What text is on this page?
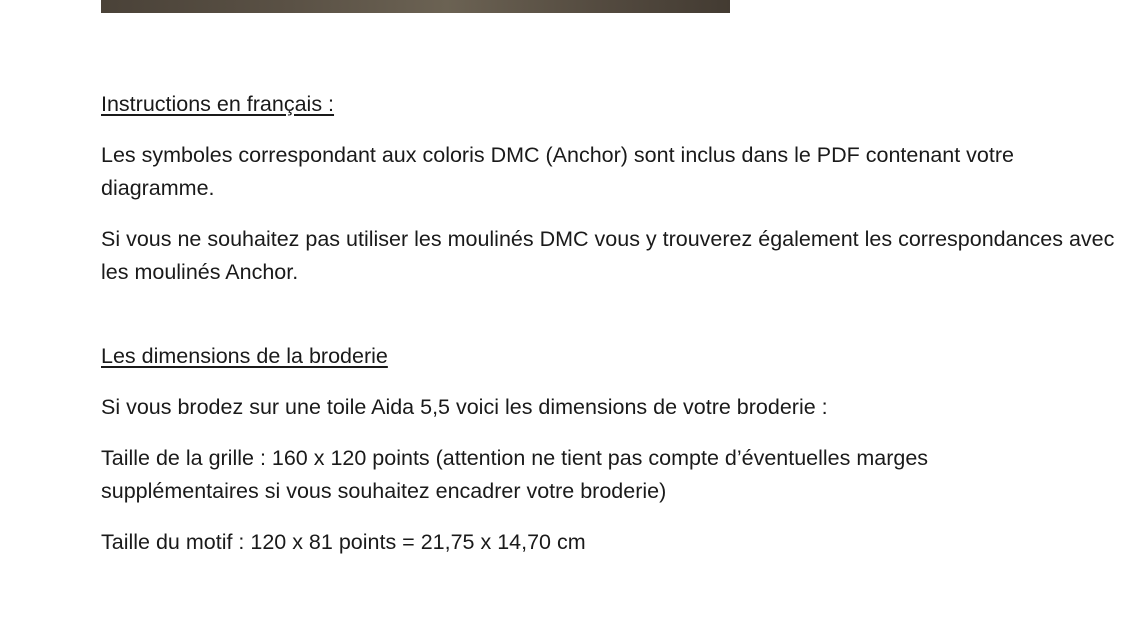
Instructions en français :

Les symboles correspondant aux coloris DMC (Anchor) sont inclus dans le PDF contenant votre diagramme.

Si vous ne souhaitez pas utiliser les moulinés DMC vous y trouverez également les correspondances avec les moulinés Anchor.

Les dimensions de la broderie

Si vous brodez sur une toile Aida 5,5 voici les dimensions de votre broderie :

Taille de la grille : 160 x 120 points (attention ne tient pas compte d’éventuelles marges supplémentaires si vous souhaitez encadrer votre broderie)

Taille du motif : 120 x 81 points = 21,75 x 14,70 cm
